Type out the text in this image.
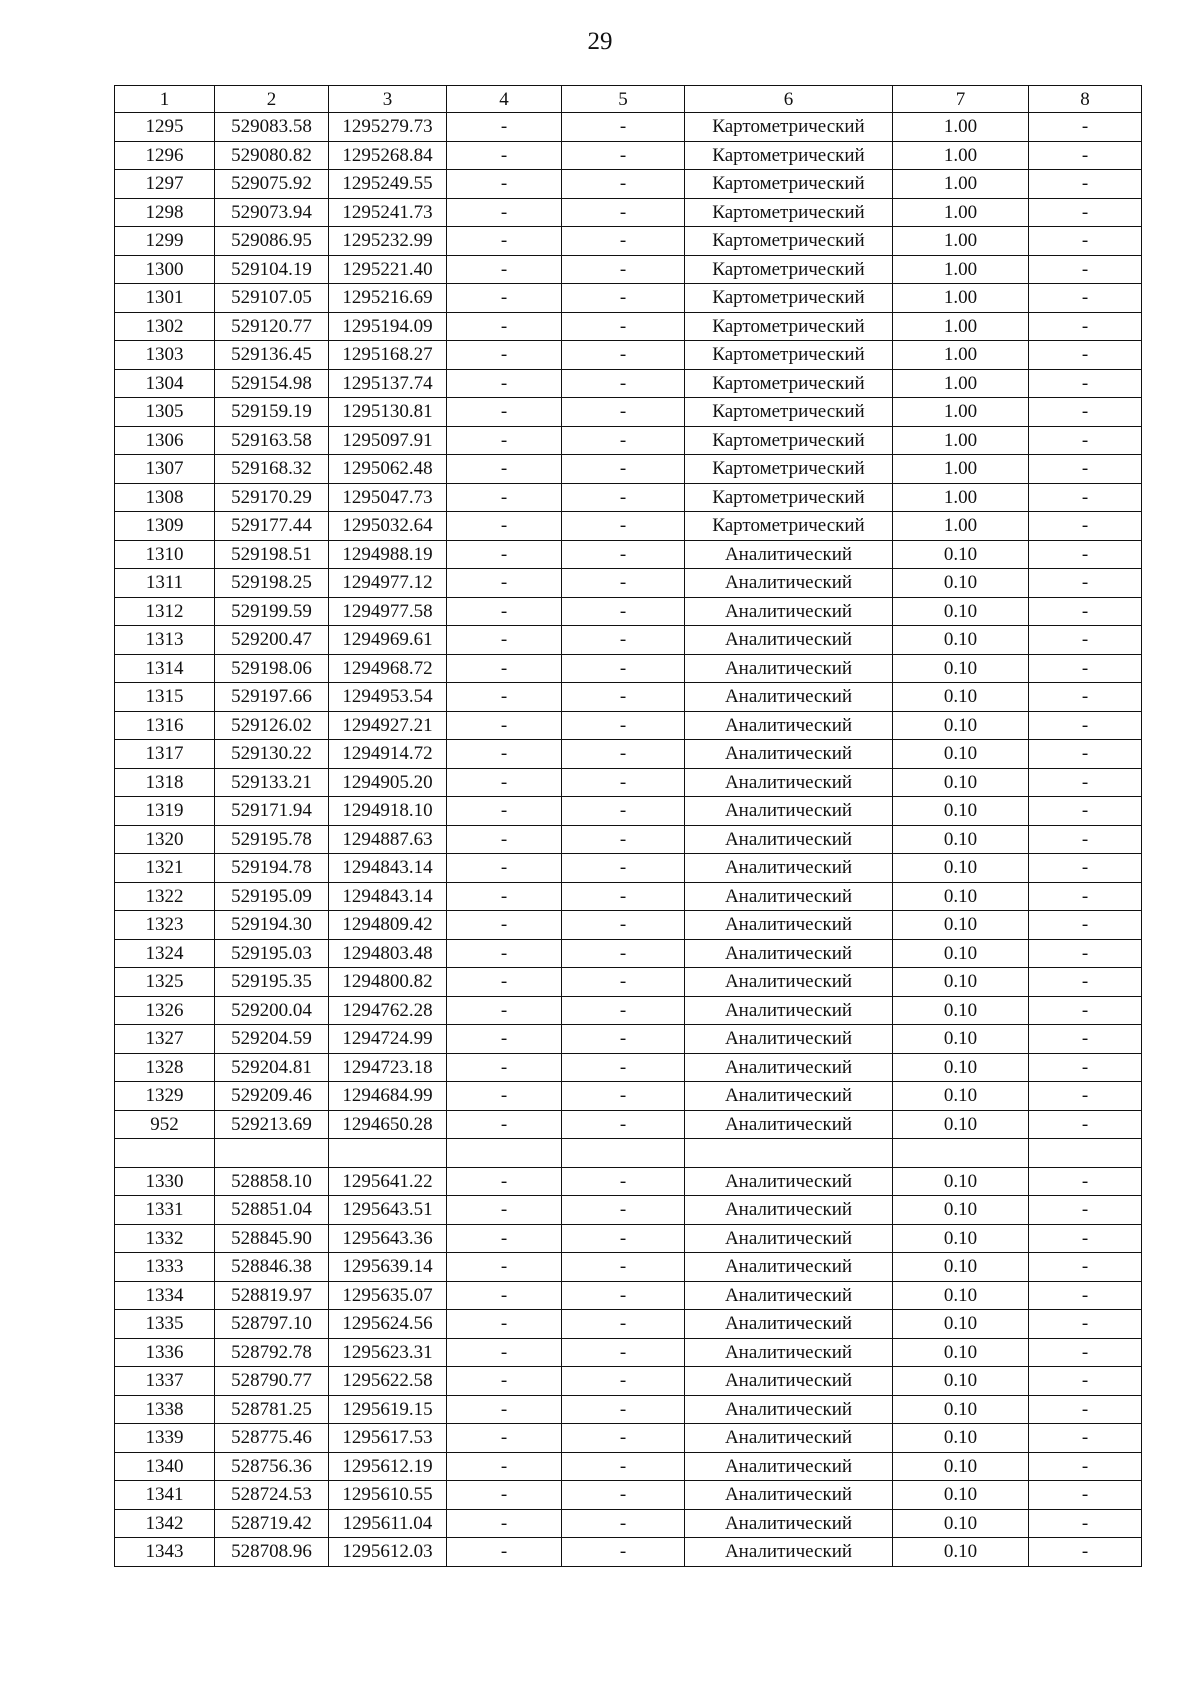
29
1	2	3	4	5	6	7	8
1295	529083.58	1295279.73	-	-	Картометрический	1.00	-
1296	529080.82	1295268.84	-	-	Картометрический	1.00	-
1297	529075.92	1295249.55	-	-	Картометрический	1.00	-
1298	529073.94	1295241.73	-	-	Картометрический	1.00	-
1299	529086.95	1295232.99	-	-	Картометрический	1.00	-
1300	529104.19	1295221.40	-	-	Картометрический	1.00	-
1301	529107.05	1295216.69	-	-	Картометрический	1.00	-
1302	529120.77	1295194.09	-	-	Картометрический	1.00	-
1303	529136.45	1295168.27	-	-	Картометрический	1.00	-
1304	529154.98	1295137.74	-	-	Картометрический	1.00	-
1305	529159.19	1295130.81	-	-	Картометрический	1.00	-
1306	529163.58	1295097.91	-	-	Картометрический	1.00	-
1307	529168.32	1295062.48	-	-	Картометрический	1.00	-
1308	529170.29	1295047.73	-	-	Картометрический	1.00	-
1309	529177.44	1295032.64	-	-	Картометрический	1.00	-
1310	529198.51	1294988.19	-	-	Аналитический	0.10	-
1311	529198.25	1294977.12	-	-	Аналитический	0.10	-
1312	529199.59	1294977.58	-	-	Аналитический	0.10	-
1313	529200.47	1294969.61	-	-	Аналитический	0.10	-
1314	529198.06	1294968.72	-	-	Аналитический	0.10	-
1315	529197.66	1294953.54	-	-	Аналитический	0.10	-
1316	529126.02	1294927.21	-	-	Аналитический	0.10	-
1317	529130.22	1294914.72	-	-	Аналитический	0.10	-
1318	529133.21	1294905.20	-	-	Аналитический	0.10	-
1319	529171.94	1294918.10	-	-	Аналитический	0.10	-
1320	529195.78	1294887.63	-	-	Аналитический	0.10	-
1321	529194.78	1294843.14	-	-	Аналитический	0.10	-
1322	529195.09	1294843.14	-	-	Аналитический	0.10	-
1323	529194.30	1294809.42	-	-	Аналитический	0.10	-
1324	529195.03	1294803.48	-	-	Аналитический	0.10	-
1325	529195.35	1294800.82	-	-	Аналитический	0.10	-
1326	529200.04	1294762.28	-	-	Аналитический	0.10	-
1327	529204.59	1294724.99	-	-	Аналитический	0.10	-
1328	529204.81	1294723.18	-	-	Аналитический	0.10	-
1329	529209.46	1294684.99	-	-	Аналитический	0.10	-
952	529213.69	1294650.28	-	-	Аналитический	0.10	-

1330	528858.10	1295641.22	-	-	Аналитический	0.10	-
1331	528851.04	1295643.51	-	-	Аналитический	0.10	-
1332	528845.90	1295643.36	-	-	Аналитический	0.10	-
1333	528846.38	1295639.14	-	-	Аналитический	0.10	-
1334	528819.97	1295635.07	-	-	Аналитический	0.10	-
1335	528797.10	1295624.56	-	-	Аналитический	0.10	-
1336	528792.78	1295623.31	-	-	Аналитический	0.10	-
1337	528790.77	1295622.58	-	-	Аналитический	0.10	-
1338	528781.25	1295619.15	-	-	Аналитический	0.10	-
1339	528775.46	1295617.53	-	-	Аналитический	0.10	-
1340	528756.36	1295612.19	-	-	Аналитический	0.10	-
1341	528724.53	1295610.55	-	-	Аналитический	0.10	-
1342	528719.42	1295611.04	-	-	Аналитический	0.10	-
1343	528708.96	1295612.03	-	-	Аналитический	0.10	-
